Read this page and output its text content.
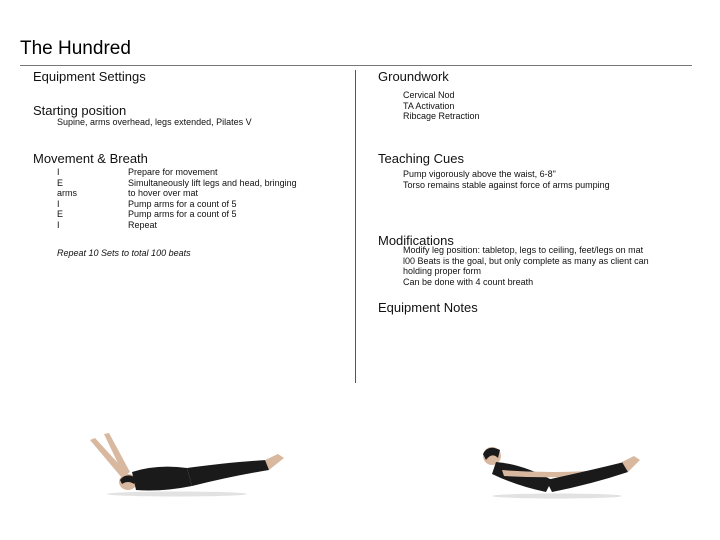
The Hundred
Equipment Settings
Starting position
Supine, arms overhead, legs extended, Pilates V
Movement & Breath
I
E
arms
I
E
I
Prepare for movement
Simultaneously lift legs and head, bringing
to hover over mat
Pump arms for a count of 5
Pump arms for a count of 5
Repeat
Repeat 10 Sets to total 100 beats
Groundwork
Cervical Nod
TA Activation
Ribcage Retraction
Teaching Cues
Pump vigorously above the waist, 6-8"
Torso remains stable against force of arms pumping
Modifications
Modify leg position: tabletop, legs to ceiling, feet/legs on mat
l00 Beats is the goal, but only complete as many as client can
holding proper form
Can be done with 4 count breath
Equipment Notes
